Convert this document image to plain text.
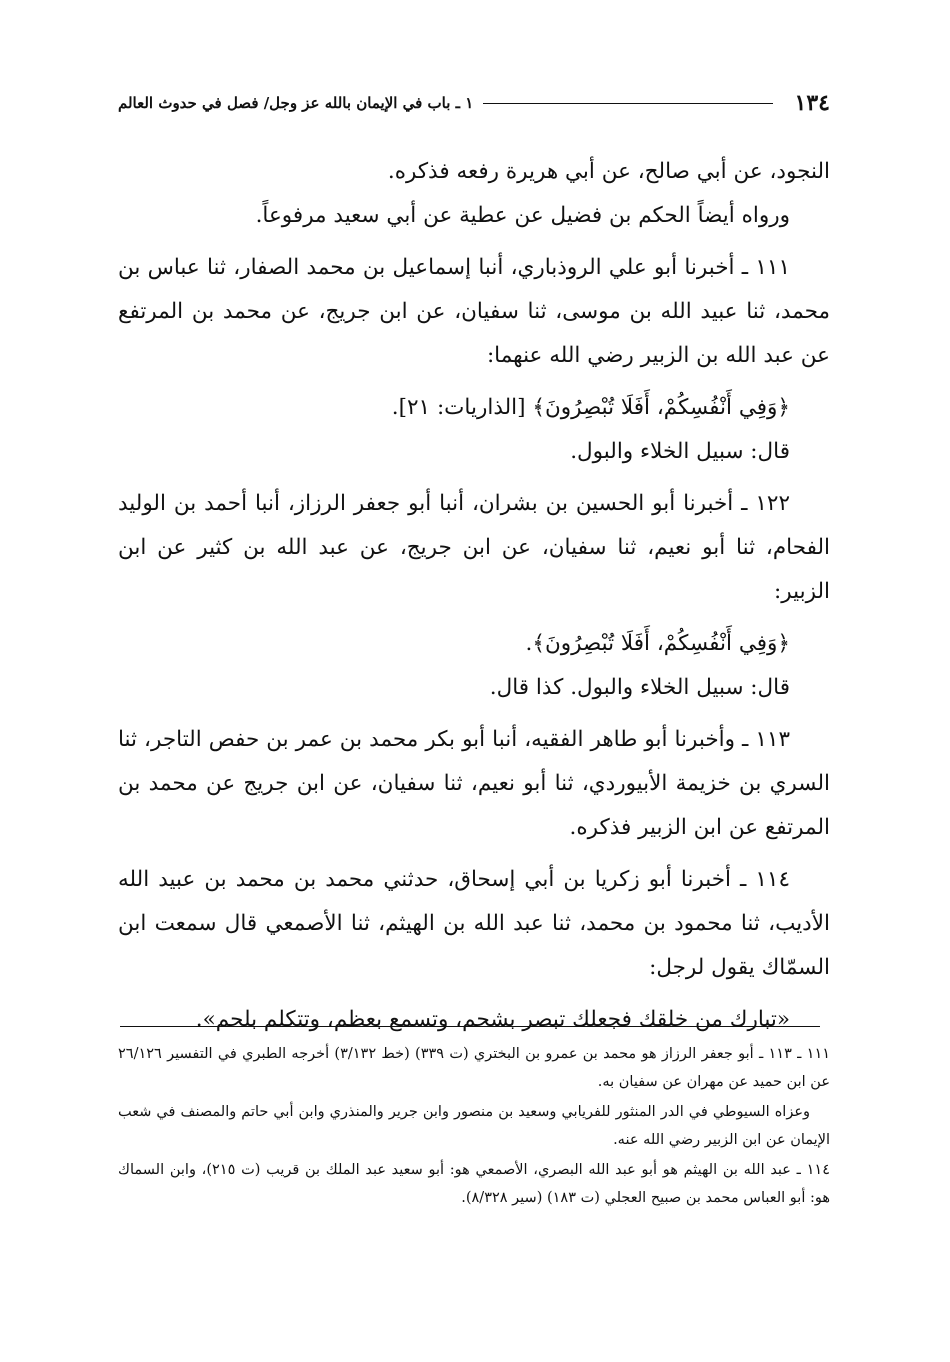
١٣٤
١ ـ باب في الإيمان بالله عز وجل/ فصل في حدوث العالم

النجود، عن أبي صالح، عن أبي هريرة رفعه فذكره.

ورواه أيضاً الحكم بن فضيل عن عطية عن أبي سعيد مرفوعاً.

١١١ ـ أخبرنا أبو علي الروذباري، أنبا إسماعيل بن محمد الصفار، ثنا عباس بن محمد، ثنا عبيد الله بن موسى، ثنا سفيان، عن ابن جريج، عن محمد بن المرتفع عن عبد الله بن الزبير رضي الله عنهما:

﴿وَفِي أَنْفُسِكُمْ، أَفَلَا تُبْصِرُونَ﴾ [الذاريات: ٢١].

قال: سبيل الخلاء والبول.

١٢٢ ـ أخبرنا أبو الحسين بن بشران، أنبا أبو جعفر الرزاز، أنبا أحمد بن الوليد الفحام، ثنا أبو نعيم، ثنا سفيان، عن ابن جريج، عن عبد الله بن كثير عن ابن الزبير:

﴿وَفِي أَنْفُسِكُمْ، أَفَلَا تُبْصِرُونَ﴾.

قال: سبيل الخلاء والبول. كذا قال.

١١٣ ـ وأخبرنا أبو طاهر الفقيه، أنبا أبو بكر محمد بن عمر بن حفص التاجر، ثنا السري بن خزيمة الأبيوردي، ثنا أبو نعيم، ثنا سفيان، عن ابن جريج عن محمد بن المرتفع عن ابن الزبير فذكره.

١١٤ ـ أخبرنا أبو زكريا بن أبي إسحاق، حدثني محمد بن محمد بن عبيد الله الأديب، ثنا محمود بن محمد، ثنا عبد الله بن الهيثم، ثنا الأصمعي قال سمعت ابن السمّاك يقول لرجل:

«تبارك من خلقك فجعلك تبصر بشحم، وتسمع بعظم، وتتكلم بلحم».

١١١ ـ ١١٣ ـ أبو جعفر الرزاز هو محمد بن عمرو بن البختري (ت ٣٣٩) (خط ٣/١٣٢) أخرجه الطبري في التفسير ٢٦/١٢٦ عن ابن حميد عن مهران عن سفيان به.

وعزاه السيوطي في الدر المنثور للفريابي وسعيد بن منصور وابن جرير والمنذري وابن أبي حاتم والمصنف في شعب الإيمان عن ابن الزبير رضي الله عنه.

١١٤ ـ عبد الله بن الهيثم هو أبو عبد الله البصري، الأصمعي هو: أبو سعيد عبد الملك بن قريب (ت ٢١٥)، وابن السماك هو: أبو العباس محمد بن صبيح العجلي (ت ١٨٣) (سير ٨/٣٢٨).
